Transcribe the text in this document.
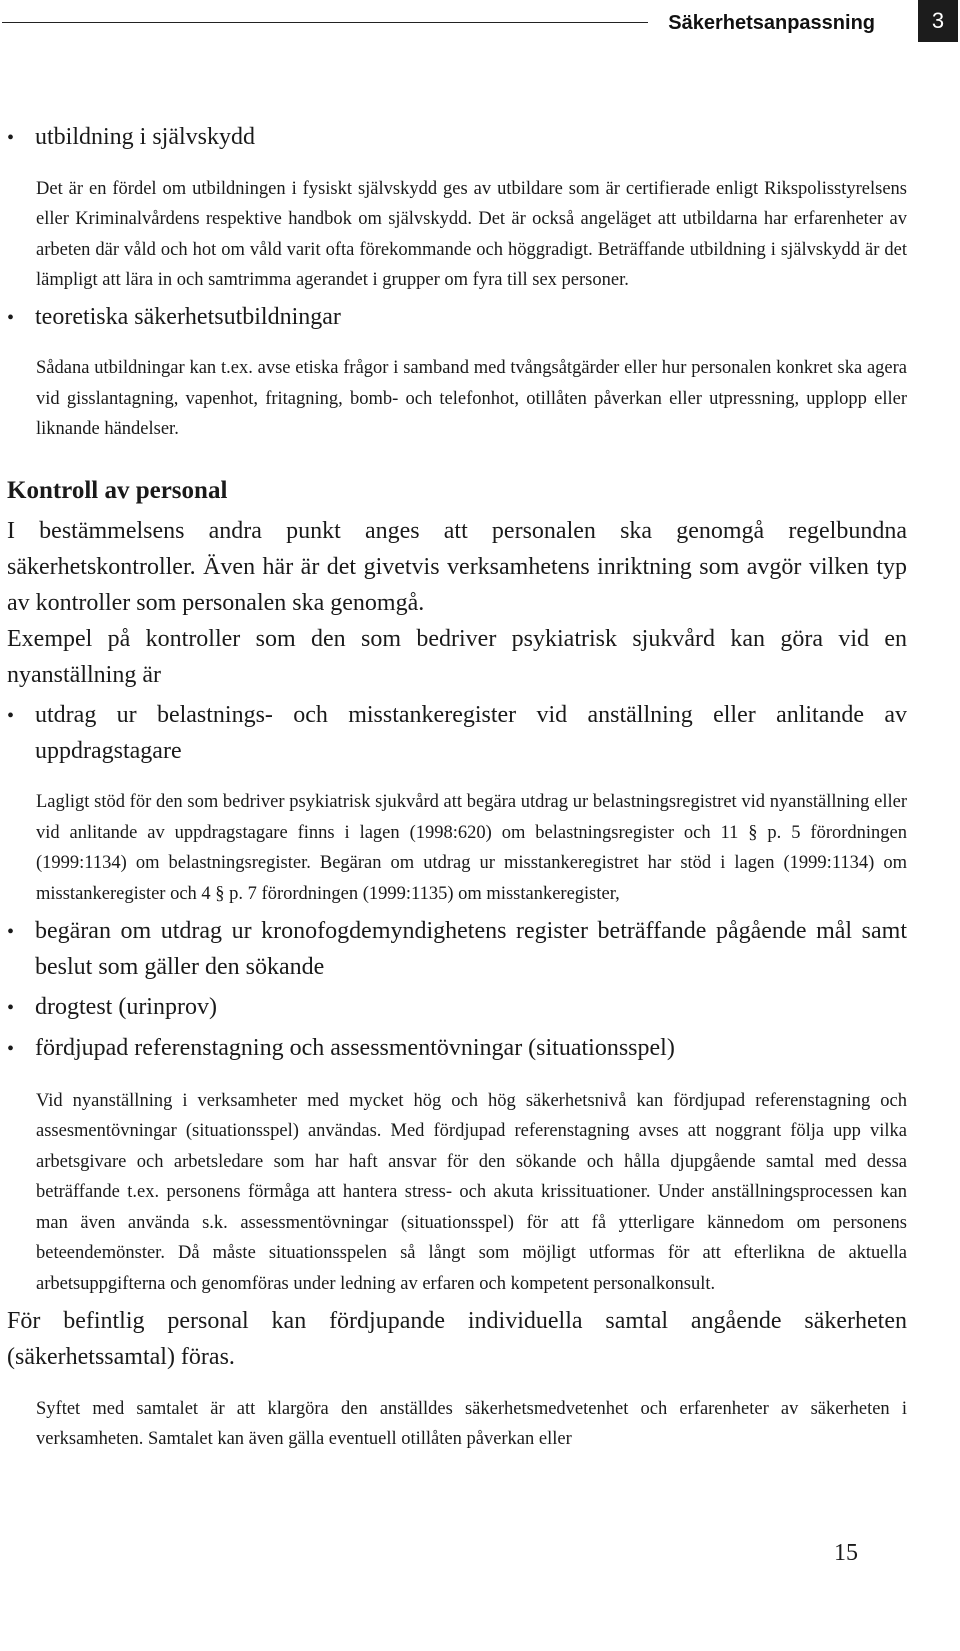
Säkerhetsanpassning	3
• utbildning i självskydd

Det är en fördel om utbildningen i fysiskt självskydd ges av utbildare som är certifierade enligt Rikspolisstyrelsens eller Kriminalvårdens respektive handbok om självskydd. Det är också angeläget att utbildarna har erfarenheter av arbeten där våld och hot om våld varit ofta förekommande och höggradigt. Beträffande utbildning i självskydd är det lämpligt att lära in och samtrimma agerandet i grupper om fyra till sex personer.

• teoretiska säkerhetsutbildningar

Sådana utbildningar kan t.ex. avse etiska frågor i samband med tvångsåtgärder eller hur personalen konkret ska agera vid gisslantagning, vapenhot, fritagning, bomb- och telefonhot, otillåten påverkan eller utpressning, upplopp eller liknande händelser.

Kontroll av personal

I bestämmelsens andra punkt anges att personalen ska genomgå regelbundna säkerhetskontroller. Även här är det givetvis verksamhetens inriktning som avgör vilken typ av kontroller som personalen ska genomgå.

Exempel på kontroller som den som bedriver psykiatrisk sjukvård kan göra vid en nyanställning är

• utdrag ur belastnings- och misstankeregister vid anställning eller anlitande av uppdragstagare

Lagligt stöd för den som bedriver psykiatrisk sjukvård att begära utdrag ur belastningsregistret vid nyanställning eller vid anlitande av uppdragstagare finns i lagen (1998:620) om belastningsregister och 11 § p. 5 förordningen (1999:1134) om belastningsregister. Begäran om utdrag ur misstankeregistret har stöd i lagen (1999:1134) om misstankeregister och 4 § p. 7 förordningen (1999:1135) om misstankeregister,

• begäran om utdrag ur kronofogdemyndighetens register beträffande pågående mål samt beslut som gäller den sökande
• drogtest (urinprov)
• fördjupad referenstagning och assessmentövningar (situationsspel)

Vid nyanställning i verksamheter med mycket hög och hög säkerhetsnivå kan fördjupad referenstagning och assesmentövningar (situationsspel) användas. Med fördjupad referenstagning avses att noggrant följa upp vilka arbetsgivare och arbetsledare som har haft ansvar för den sökande och hålla djupgående samtal med dessa beträffande t.ex. personens förmåga att hantera stress- och akuta krissituationer. Under anställningsprocessen kan man även använda s.k. assessmentövningar (situationsspel) för att få ytterligare kännedom om personens beteendemönster. Då måste situationsspelen så långt som möjligt utformas för att efterlikna de aktuella arbetsuppgifterna och genomföras under ledning av erfaren och kompetent personalkonsult.

För befintlig personal kan fördjupande individuella samtal angående säkerheten (säkerhetssamtal) föras.

Syftet med samtalet är att klargöra den anställdes säkerhetsmedvetenhet och erfarenheter av säkerheten i verksamheten. Samtalet kan även gälla eventuell otillåten påverkan eller

15
